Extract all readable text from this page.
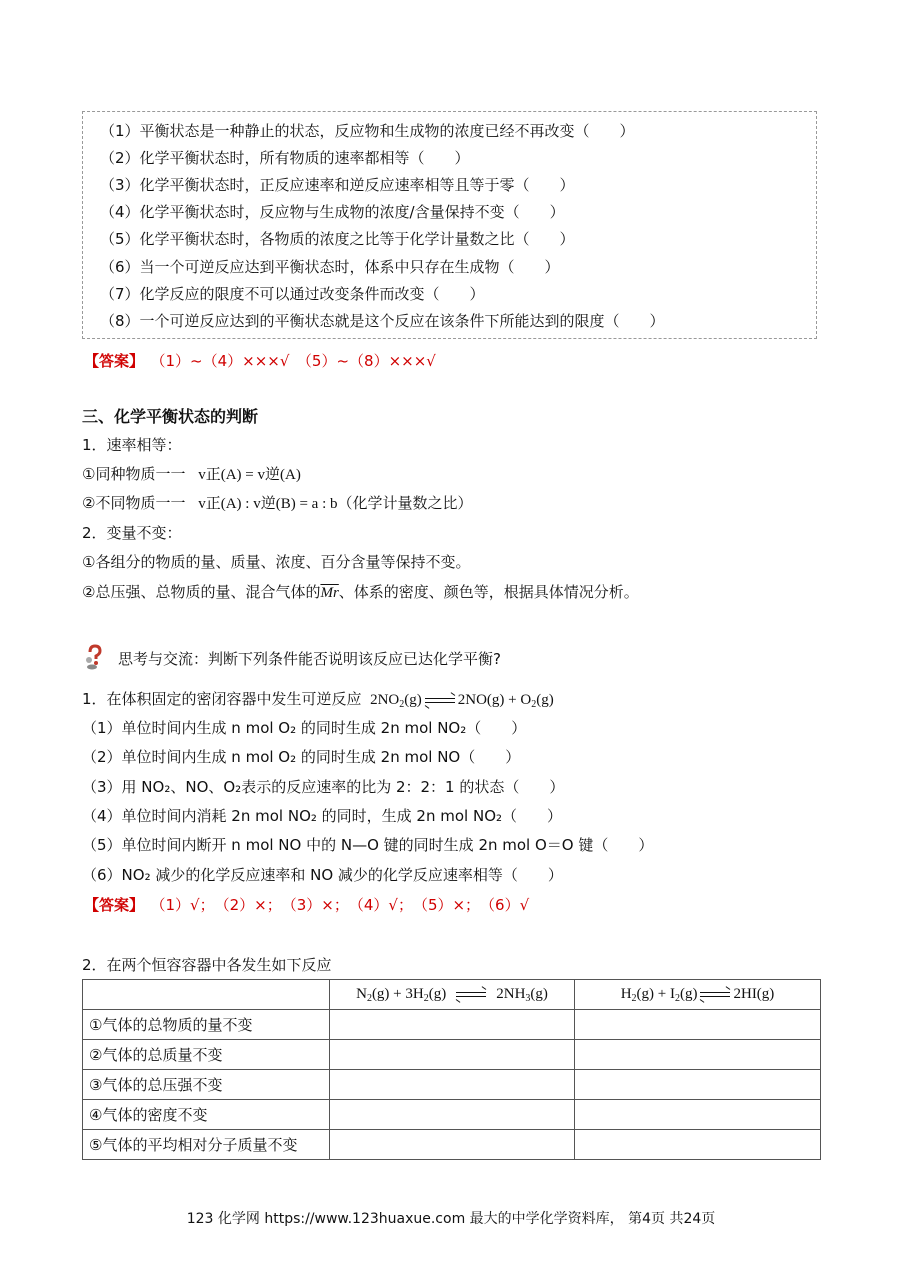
（1）平衡状态是一种静止的状态，反应物和生成物的浓度已经不再改变（　　）
（2）化学平衡状态时，所有物质的速率都相等（　　）
（3）化学平衡状态时，正反应速率和逆反应速率相等且等于零（　　）
（4）化学平衡状态时，反应物与生成物的浓度/含量保持不变（　　）
（5）化学平衡状态时，各物质的浓度之比等于化学计量数之比（　　）
（6）当一个可逆反应达到平衡状态时，体系中只存在生成物（　　）
（7）化学反应的限度不可以通过改变条件而改变（　　）
（8）一个可逆反应达到的平衡状态就是这个反应在该条件下所能达到的限度（　　）
【答案】 （1）~（4）×××√　（5）~（8）×××√
三、化学平衡状态的判断
1．速率相等：
①同种物质一一 v正(A) = v逆(A)
②不同物质一一 v正(A) : v逆(B) = a : b（化学计量数之比）
2．变量不变：
①各组分的物质的量、质量、浓度、百分含量等保持不变。
②总压强、总物质的量、混合气体的$\overline{Mr}$、体系的密度、颜色等，根据具体情况分析。
思考与交流：判断下列条件能否说明该反应已达化学平衡?
1．在体积固定的密闭容器中发生可逆反应  $2NO_2(g) 2NO(g) + O_2(g)$
（1）单位时间内生成 n mol O₂ 的同时生成 2n mol NO₂（　　）
（2）单位时间内生成 n mol O₂ 的同时生成 2n mol NO（　　）
（3）用 NO₂、NO、O₂表示的反应速率的比为 2：2：1 的状态（　　）
（4）单位时间内消耗 2n mol NO₂ 的同时，生成 2n mol NO₂（　　）
（5）单位时间内断开 n mol NO 中的 N—O 键的同时生成 2n mol O＝O 键（　　）
（6）NO₂ 减少的化学反应速率和 NO 减少的化学反应速率相等（　　）
【答案】 （1）√；　（2）×；　（3）×；　（4）√；　（5）×；　（6）√
2．在两个恒容容器中各发生如下反应
	$N_2(g) + 3H_2(g)$ $2NH_3(g)$	$H_2(g) + I_2(g)$ 2HI(g)
①气体的总物质的量不变		
②气体的总质量不变		
③气体的总压强不变		
④气体的密度不变		
⑤气体的平均相对分子质量不变		
123 化学网 https://www.123huaxue.com 最大的中学化学资料库， 第4页 共24页
